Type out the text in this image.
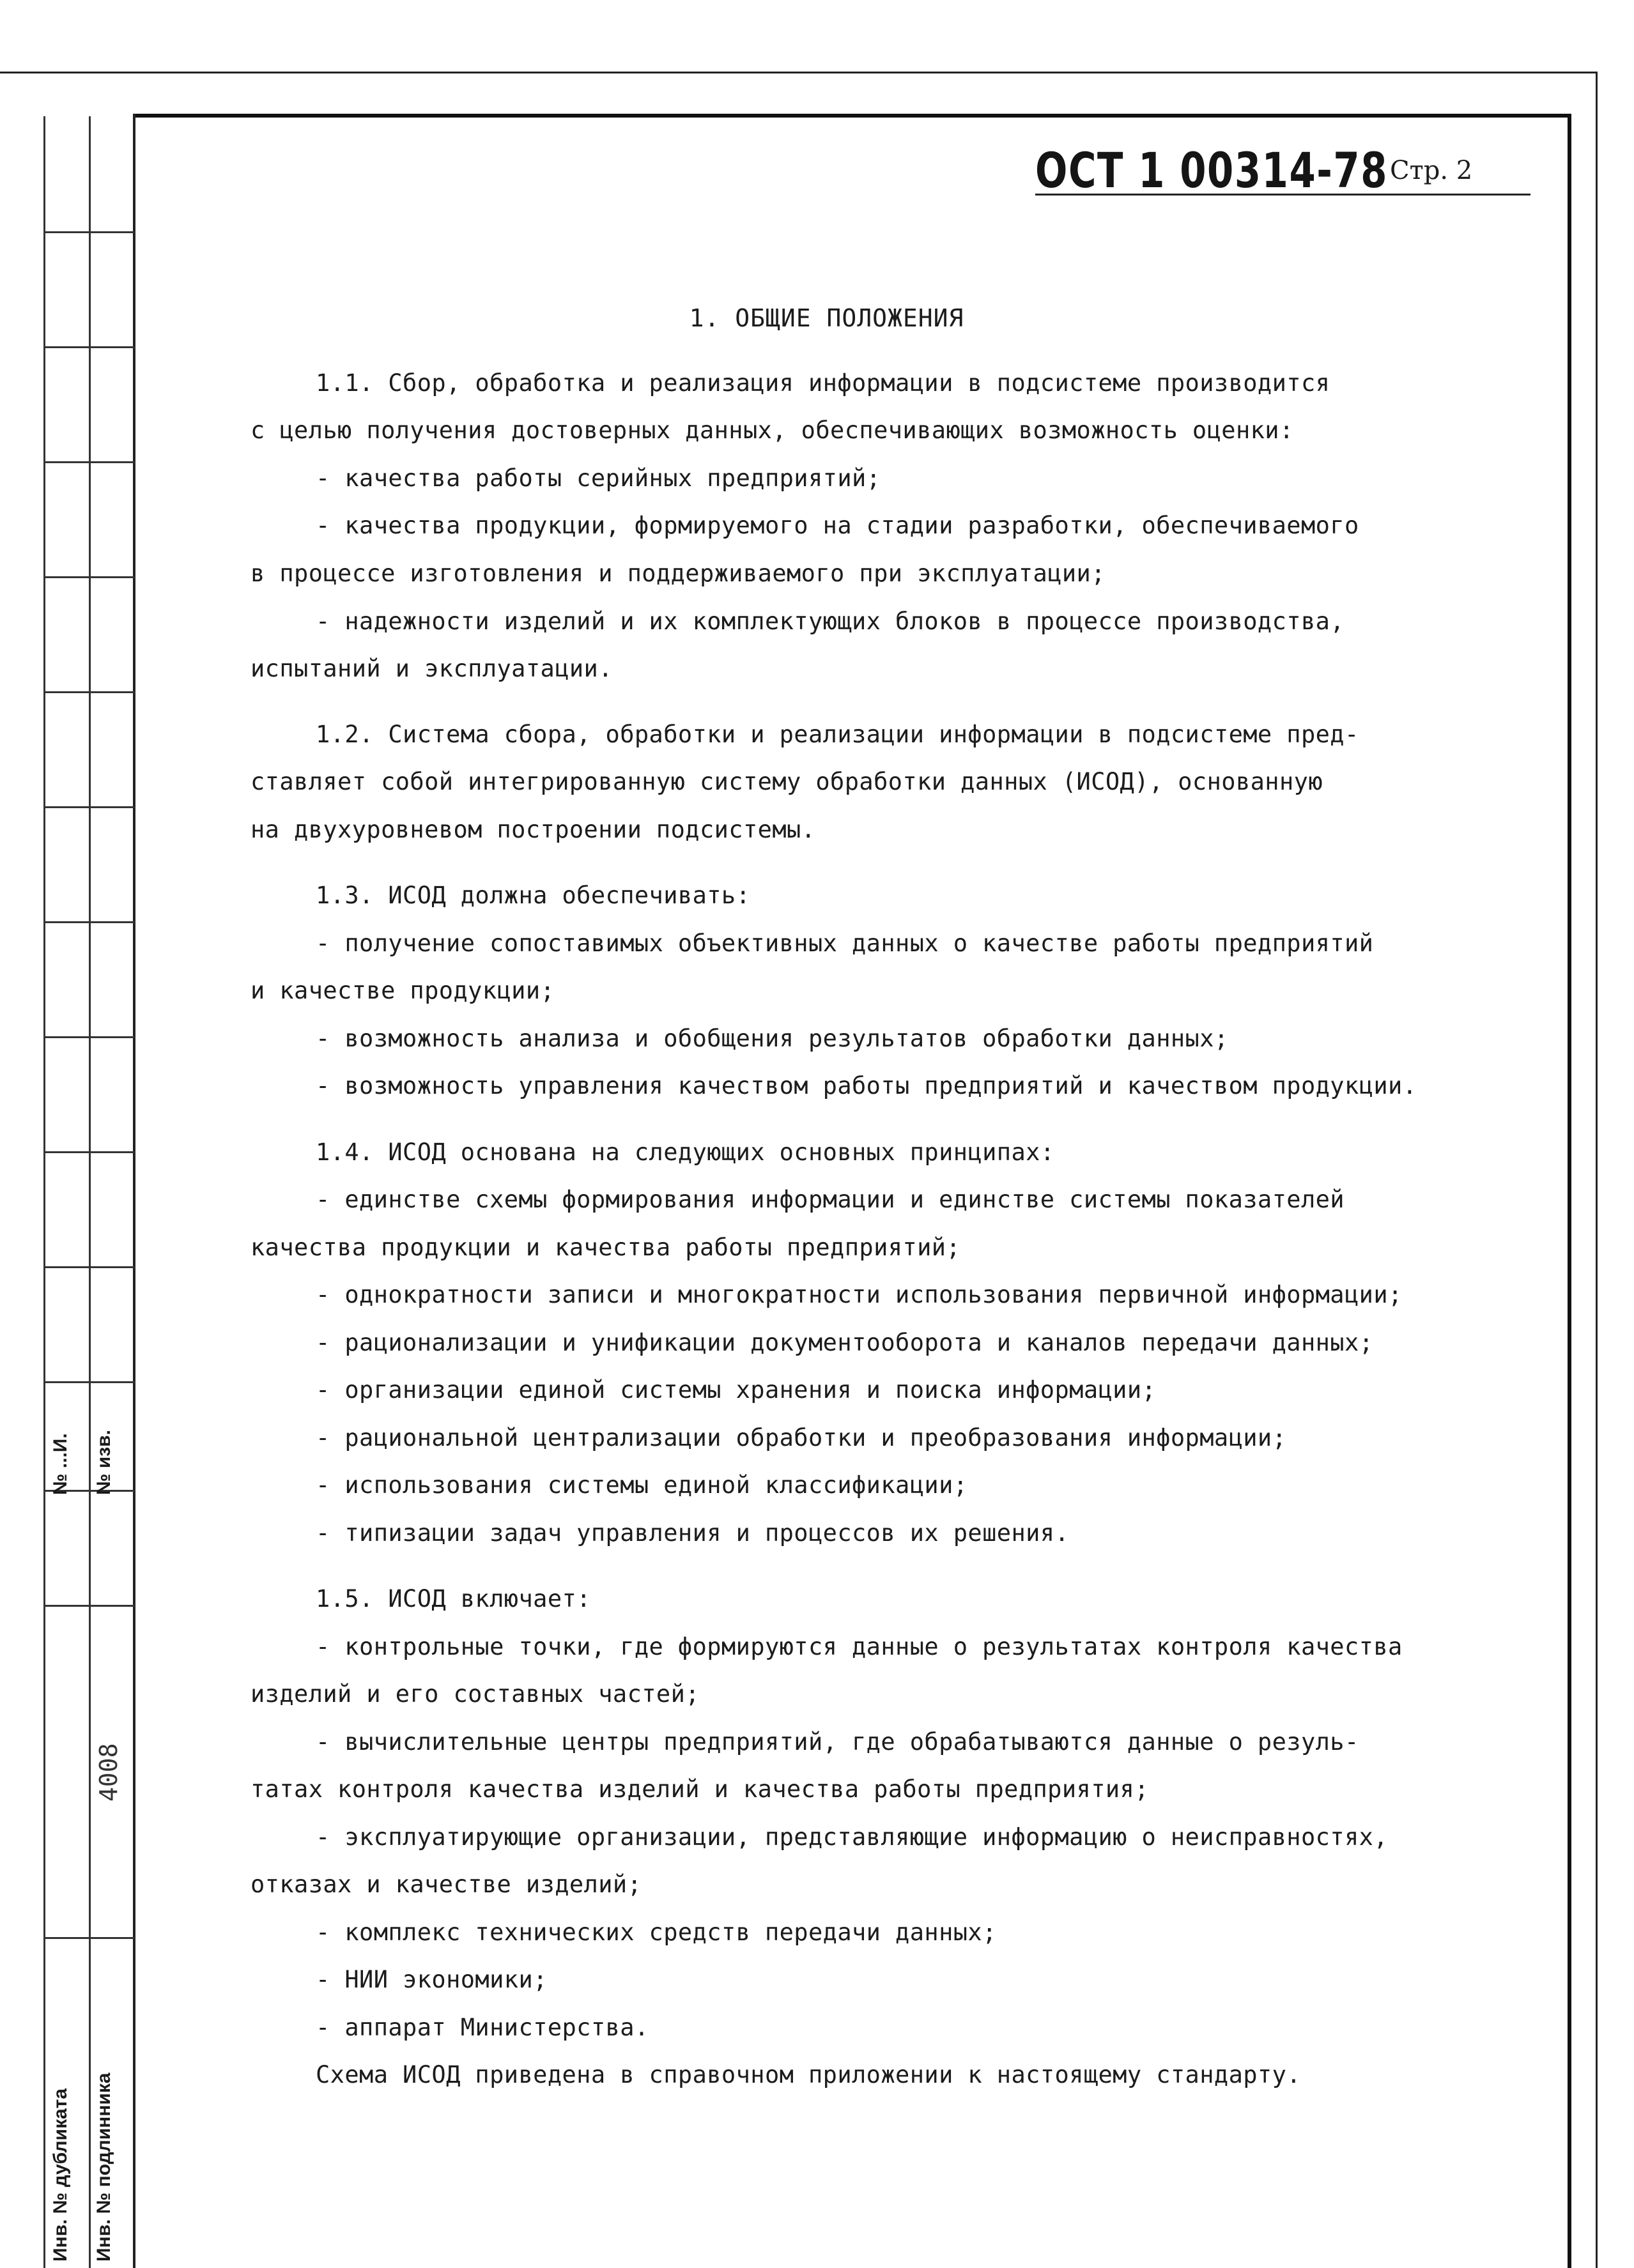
№ ...И. № изв.
4008
Инв. № дубликата Инв. № подлинника
ОСТ 1 00314-78 Стр. 2
1. ОБЩИЕ ПОЛОЖЕНИЯ
1.1. Сбор, обработка и реализация информации в подсистеме производится
с целью получения достоверных данных, обеспечивающих возможность оценки:
- качества работы серийных предприятий;
- качества продукции, формируемого на стадии разработки, обеспечиваемого
в процессе изготовления и поддерживаемого при эксплуатации;
- надежности изделий и их комплектующих блоков в процессе производства,
испытаний и эксплуатации.
1.2. Система сбора, обработки и реализации информации в подсистеме пред-
ставляет собой интегрированную систему обработки данных (ИСОД), основанную
на двухуровневом построении подсистемы.
1.3. ИСОД должна обеспечивать:
- получение сопоставимых объективных данных о качестве работы предприятий
и качестве продукции;
- возможность анализа и обобщения результатов обработки данных;
- возможность управления качеством работы предприятий и качеством продукции.
1.4. ИСОД основана на следующих основных принципах:
- единстве схемы формирования информации и единстве системы показателей
качества продукции и качества работы предприятий;
- однократности записи и многократности использования первичной информации;
- рационализации и унификации документооборота и каналов передачи данных;
- организации единой системы хранения и поиска информации;
- рациональной централизации обработки и преобразования информации;
- использования системы единой классификации;
- типизации задач управления и процессов их решения.
1.5. ИСОД включает:
- контрольные точки, где формируются данные о результатах контроля качества
изделий и его составных частей;
- вычислительные центры предприятий, где обрабатываются данные о резуль-
татах контроля качества изделий и качества работы предприятия;
- эксплуатирующие организации, представляющие информацию о неисправностях,
отказах и качестве изделий;
- комплекс технических средств передачи данных;
- НИИ экономики;
- аппарат Министерства.
Схема ИСОД приведена в справочном приложении к настоящему стандарту.
